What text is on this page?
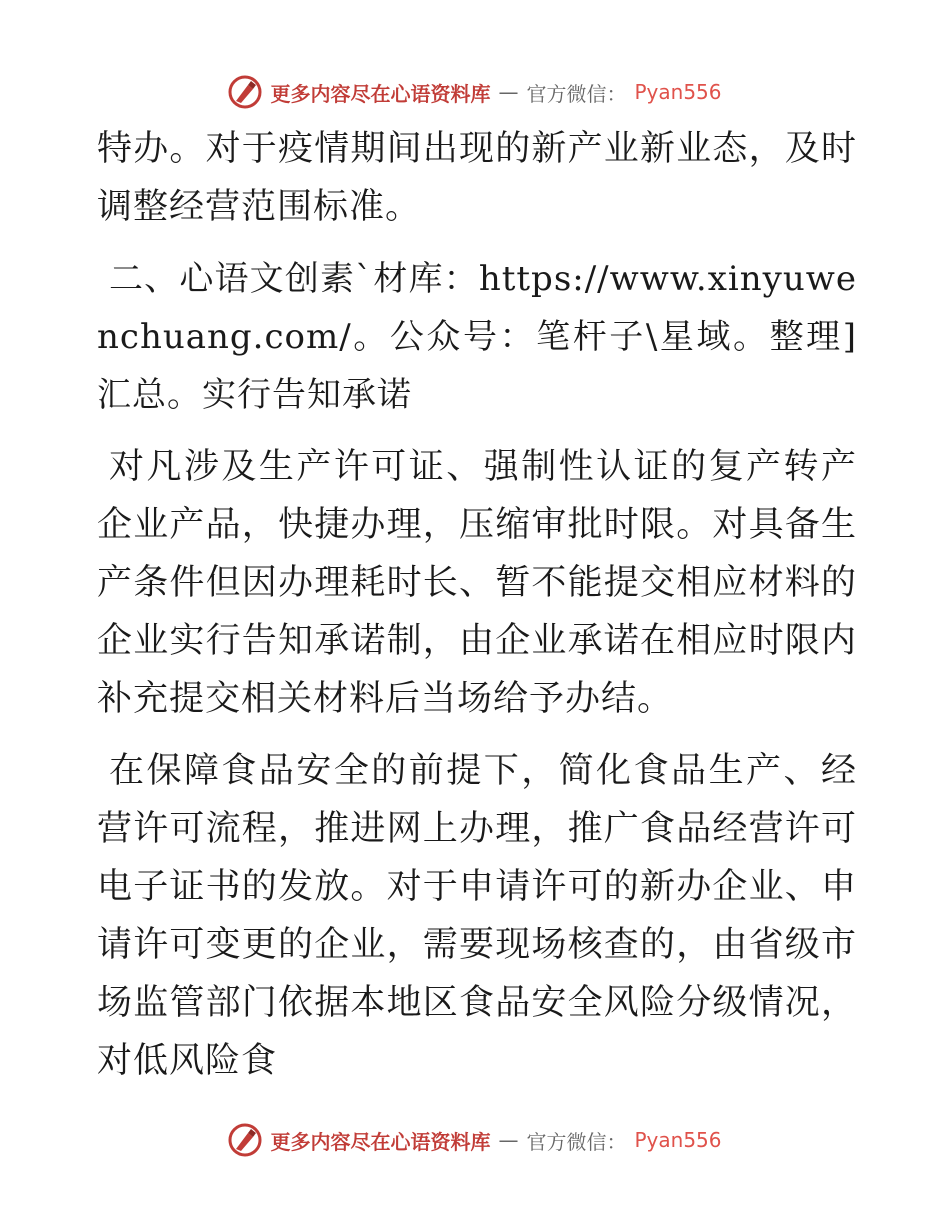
更多内容尽在心语资料库 — 官方微信： Pyan556

特办。对于疫情期间出现的新产业新业态，及时调整经营范围标准。

二、心语文创素`材库：https://www.xinyuwenchuang.com/。公众号：笔杆子\星域。整理]汇总。实行告知承诺

对凡涉及生产许可证、强制性认证的复产转产企业产品，快捷办理，压缩审批时限。对具备生产条件但因办理耗时长、暂不能提交相应材料的企业实行告知承诺制，由企业承诺在相应时限内补充提交相关材料后当场给予办结。

在保障食品安全的前提下，简化食品生产、经营许可流程，推进网上办理，推广食品经营许可电子证书的发放。对于申请许可的新办企业、申请许可变更的企业，需要现场核查的，由省级市场监管部门依据本地区食品安全风险分级情况，对低风险食

更多内容尽在心语资料库 — 官方微信： Pyan556
